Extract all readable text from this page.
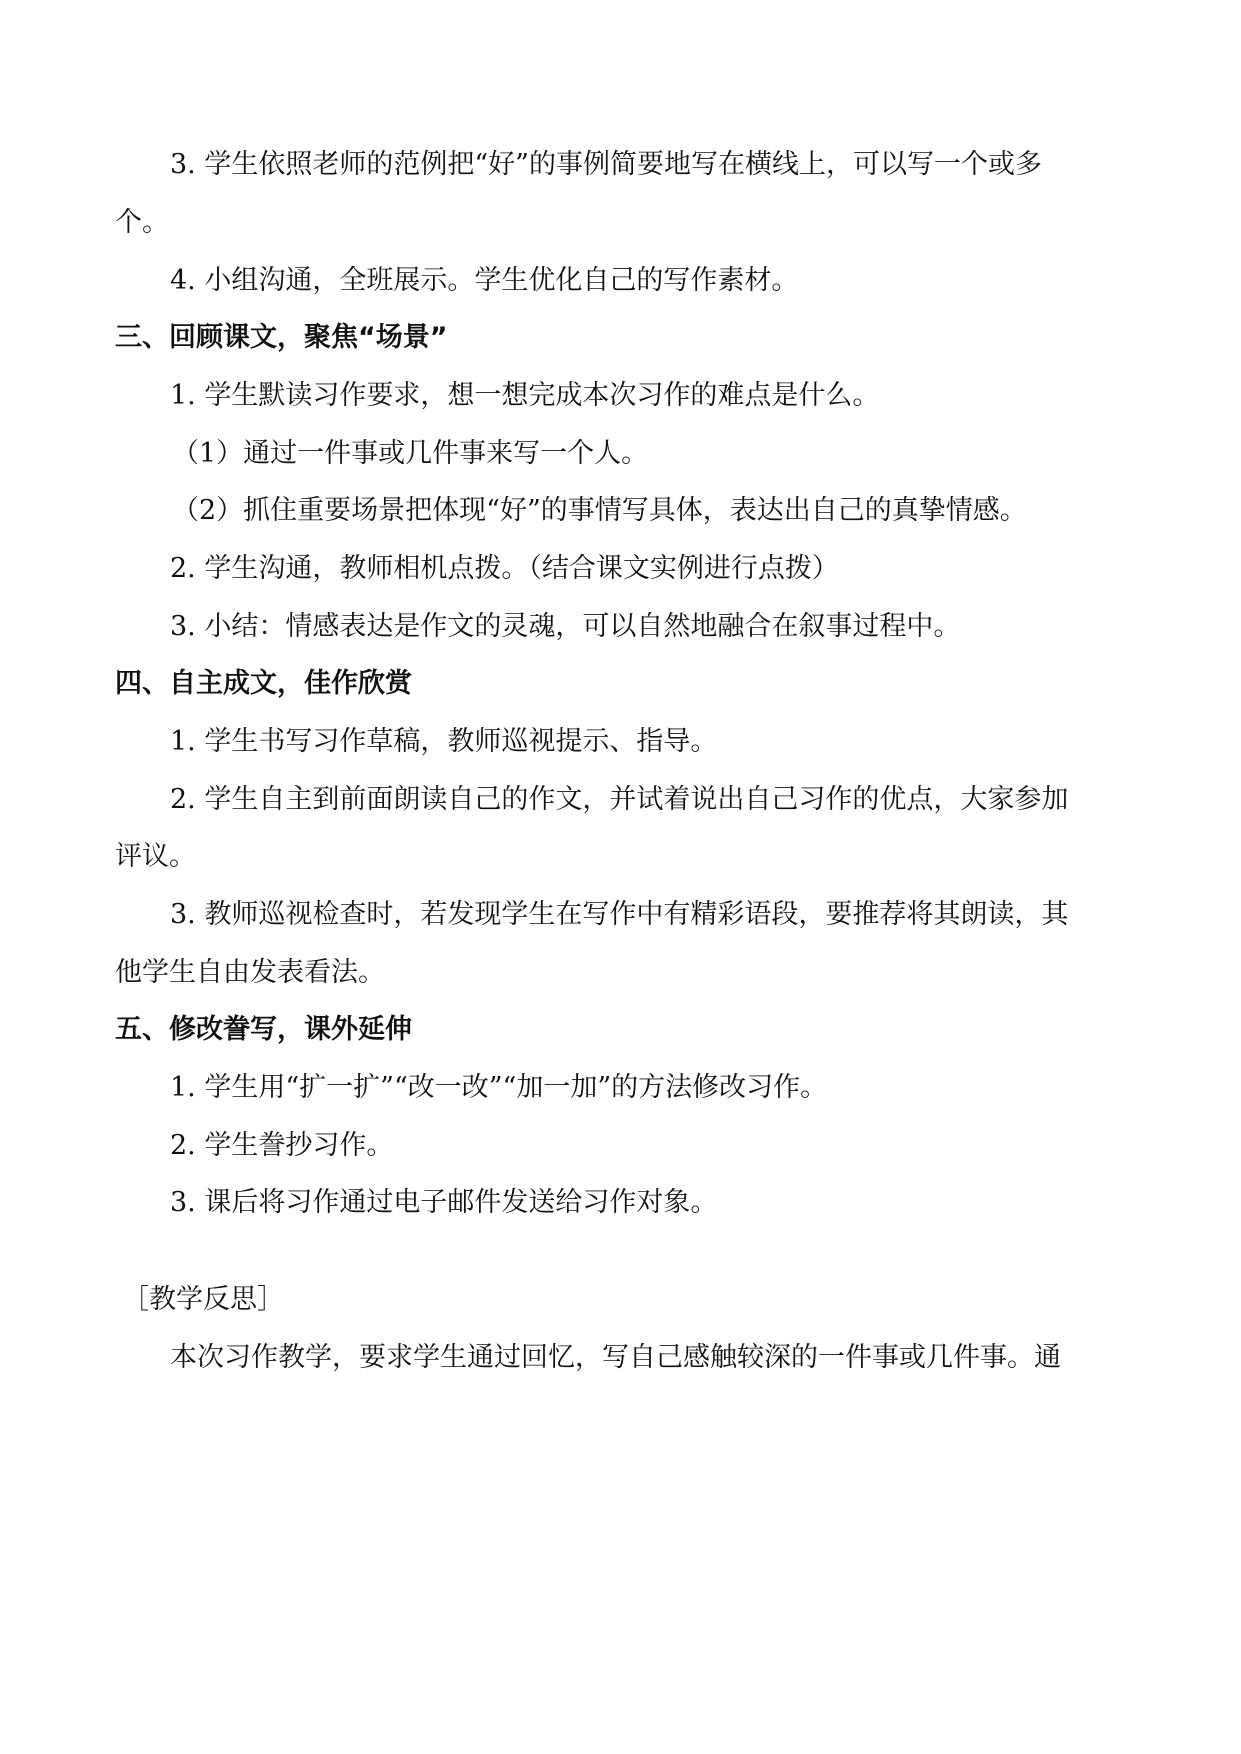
3. 学生依照老师的范例把“好”的事例简要地写在横线上，可以写一个或多
个。
4. 小组沟通，全班展示。学生优化自己的写作素材。
三、回顾课文，聚焦“场景”
1. 学生默读习作要求，想一想完成本次习作的难点是什么。
（1）通过一件事或几件事来写一个人。
（2）抓住重要场景把体现“好”的事情写具体，表达出自己的真挚情感。
2. 学生沟通，教师相机点拨。（结合课文实例进行点拨）
3. 小结：情感表达是作文的灵魂，可以自然地融合在叙事过程中。
四、自主成文，佳作欣赏
1. 学生书写习作草稿，教师巡视提示、指导。
2. 学生自主到前面朗读自己的作文，并试着说出自己习作的优点，大家参加
评议。
3. 教师巡视检查时，若发现学生在写作中有精彩语段，要推荐将其朗读，其
他学生自由发表看法。
五、修改誊写，课外延伸
1. 学生用“扩一扩”“改一改”“加一加”的方法修改习作。
2. 学生誊抄习作。
3. 课后将习作通过电子邮件发送给习作对象。
［教学反思］
本次习作教学，要求学生通过回忆，写自己感触较深的一件事或几件事。通
